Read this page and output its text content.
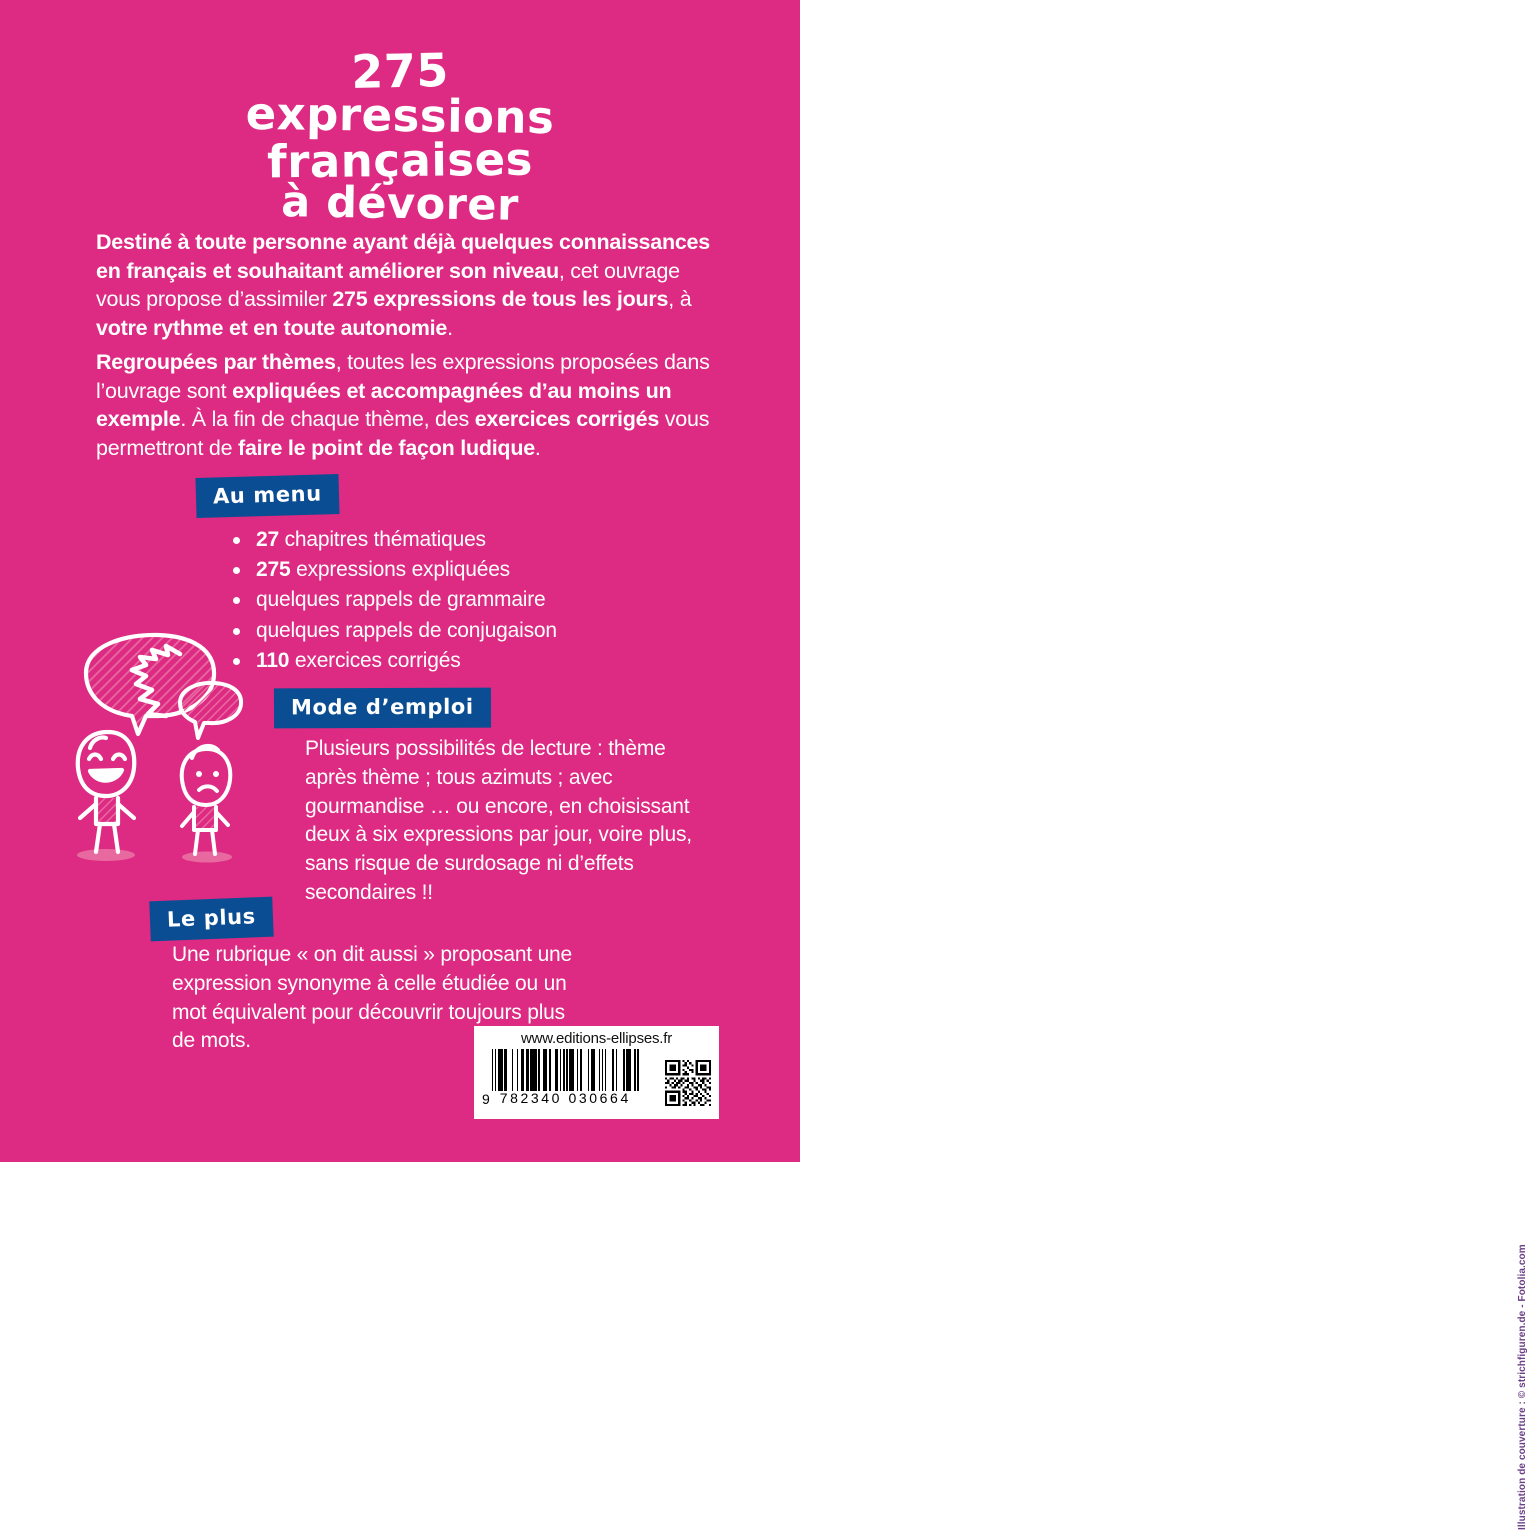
275
expressions
françaises
à dévorer
Destiné à toute personne ayant déjà quelques connaissances en français et souhaitant améliorer son niveau, cet ouvrage vous propose d’assimiler 275 expressions de tous les jours, à votre rythme et en toute autonomie.
Regroupées par thèmes, toutes les expressions proposées dans l’ouvrage sont expliquées et accompagnées d’au moins un exemple. À la fin de chaque thème, des exercices corrigés vous permettront de faire le point de façon ludique.
Au menu
27 chapitres thématiques
275 expressions expliquées
quelques rappels de grammaire
quelques rappels de conjugaison
110 exercices corrigés
Mode d’emploi
Plusieurs possibilités de lecture : thème après thème ; tous azimuts ; avec gourmandise … ou encore, en choisissant deux à six expressions par jour, voire plus, sans risque de surdosage ni d’effets secondaires !!
Le plus
Une rubrique « on dit aussi » proposant une expression synonyme à celle étudiée ou un mot équivalent pour découvrir toujours plus de mots.
Illustration de couverture : © strichfiguren.de - Fotolia.com
www.editions-ellipses.fr
9 782340 030664
